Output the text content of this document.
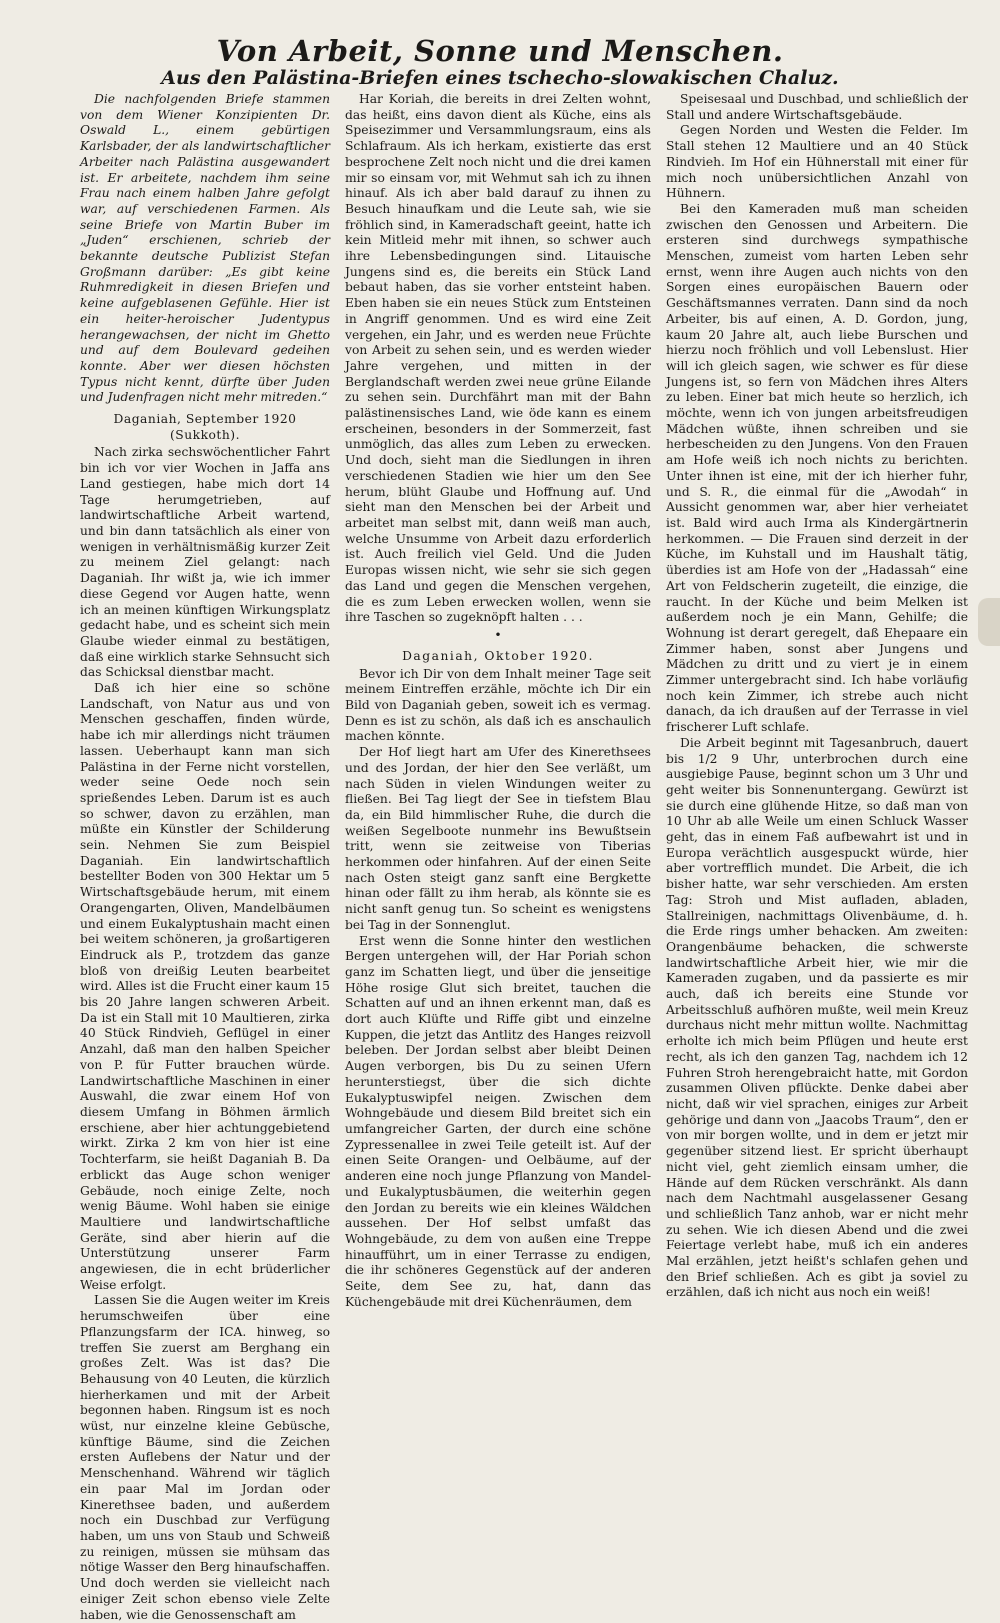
Von Arbeit, Sonne und Menschen.
Aus den Palästina-Briefen eines tschecho-slowakischen Chaluz.

Die nachfolgenden Briefe stammen von dem Wiener Konzipienten Dr. Oswald L., einem gebürtigen Karlsbader, der als landwirtschaftlicher Arbeiter nach Palästina ausgewandert ist. Er arbeitete, nachdem ihm seine Frau nach einem halben Jahre gefolgt war, auf verschiedenen Farmen. Als seine Briefe von Martin Buber im „Juden“ erschienen, schrieb der bekannte deutsche Publizist Stefan Großmann darüber: „Es gibt keine Ruhmredigkeit in diesen Briefen und keine aufgeblasenen Gefühle. Hier ist ein heiter-heroischer Judentypus herangewachsen, der nicht im Ghetto und auf dem Boulevard gedeihen konnte. Aber wer diesen höchsten Typus nicht kennt, dürfte über Juden und Judenfragen nicht mehr mitreden.“

Daganiah, September 1920 (Sukkoth).

Nach zirka sechswöchentlicher Fahrt bin ich vor vier Wochen in Jaffa ans Land gestiegen, habe mich dort 14 Tage herumgetrieben, auf landwirtschaftliche Arbeit wartend, und bin dann tatsächlich als einer von wenigen in verhältnismäßig kurzer Zeit zu meinem Ziel gelangt: nach Daganiah. Ihr wißt ja, wie ich immer diese Gegend vor Augen hatte, wenn ich an meinen künftigen Wirkungsplatz gedacht habe, und es scheint sich mein Glaube wieder einmal zu bestätigen, daß eine wirklich starke Sehnsucht sich das Schicksal dienstbar macht.

Daß ich hier eine so schöne Landschaft, von Natur aus und von Menschen geschaffen, finden würde, habe ich mir allerdings nicht träumen lassen. Ueberhaupt kann man sich Palästina in der Ferne nicht vorstellen, weder seine Oede noch sein sprießendes Leben. Darum ist es auch so schwer, davon zu erzählen, man müßte ein Künstler der Schilderung sein. Nehmen Sie zum Beispiel Daganiah. Ein landwirtschaftlich bestellter Boden von 300 Hektar um 5 Wirtschaftsgebäude herum, mit einem Orangengarten, Oliven, Mandelbäumen und einem Eukalyptushain macht einen bei weitem schöneren, ja großartigeren Eindruck als P., trotzdem das ganze bloß von dreißig Leuten bearbeitet wird. Alles ist die Frucht einer kaum 15 bis 20 Jahre langen schweren Arbeit. Da ist ein Stall mit 10 Maultieren, zirka 40 Stück Rindvieh, Geflügel in einer Anzahl, daß man den halben Speicher von P. für Futter brauchen würde. Landwirtschaftliche Maschinen in einer Auswahl, die zwar einem Hof von diesem Umfang in Böhmen ärmlich erschiene, aber hier achtunggebietend wirkt. Zirka 2 km von hier ist eine Tochterfarm, sie heißt Daganiah B. Da erblickt das Auge schon weniger Gebäude, noch einige Zelte, noch wenig Bäume. Wohl haben sie einige Maultiere und landwirtschaftliche Geräte, sind aber hierin auf die Unterstützung unserer Farm angewiesen, die in echt brüderlicher Weise erfolgt.

Lassen Sie die Augen weiter im Kreis herumschweifen über eine Pflanzungsfarm der ICA. hinweg, so treffen Sie zuerst am Berghang ein großes Zelt. Was ist das? Die Behausung von 40 Leuten, die kürzlich hierherkamen und mit der Arbeit begonnen haben. Ringsum ist es noch wüst, nur einzelne kleine Gebüsche, künftige Bäume, sind die Zeichen ersten Auflebens der Natur und der Menschenhand. Während wir täglich ein paar Mal im Jordan oder Kinerethsee baden, und außerdem noch ein Duschbad zur Verfügung haben, um uns von Staub und Schweiß zu reinigen, müssen sie mühsam das nötige Wasser den Berg hinaufschaffen. Und doch werden sie vielleicht nach einiger Zeit schon ebenso viele Zelte haben, wie die Genossenschaft am

Har Koriah, die bereits in drei Zelten wohnt, das heißt, eins davon dient als Küche, eins als Speisezimmer und Versammlungsraum, eins als Schlafraum. Als ich herkam, existierte das erst besprochene Zelt noch nicht und die drei kamen mir so einsam vor, mit Wehmut sah ich zu ihnen hinauf. Als ich aber bald darauf zu ihnen zu Besuch hinaufkam und die Leute sah, wie sie fröhlich sind, in Kameradschaft geeint, hatte ich kein Mitleid mehr mit ihnen, so schwer auch ihre Lebensbedingungen sind. Litauische Jungens sind es, die bereits ein Stück Land bebaut haben, das sie vorher entsteint haben. Eben haben sie ein neues Stück zum Entsteinen in Angriff genommen. Und es wird eine Zeit vergehen, ein Jahr, und es werden neue Früchte von Arbeit zu sehen sein, und es werden wieder Jahre vergehen, und mitten in der Berglandschaft werden zwei neue grüne Eilande zu sehen sein. Durchfährt man mit der Bahn palästinensisches Land, wie öde kann es einem erscheinen, besonders in der Sommerzeit, fast unmöglich, das alles zum Leben zu erwecken. Und doch, sieht man die Siedlungen in ihren verschiedenen Stadien wie hier um den See herum, blüht Glaube und Hoffnung auf. Und sieht man den Menschen bei der Arbeit und arbeitet man selbst mit, dann weiß man auch, welche Unsumme von Arbeit dazu erforderlich ist. Auch freilich viel Geld. Und die Juden Europas wissen nicht, wie sehr sie sich gegen das Land und gegen die Menschen vergehen, die es zum Leben erwecken wollen, wenn sie ihre Taschen so zugeknöpft halten . . .

•

Daganiah, Oktober 1920.

Bevor ich Dir von dem Inhalt meiner Tage seit meinem Eintreffen erzähle, möchte ich Dir ein Bild von Daganiah geben, soweit ich es vermag. Denn es ist zu schön, als daß ich es anschaulich machen könnte.

Der Hof liegt hart am Ufer des Kinerethsees und des Jordan, der hier den See verläßt, um nach Süden in vielen Windungen weiter zu fließen. Bei Tag liegt der See in tiefstem Blau da, ein Bild himmlischer Ruhe, die durch die weißen Segelboote nunmehr ins Bewußtsein tritt, wenn sie zeitweise von Tiberias herkommen oder hinfahren. Auf der einen Seite nach Osten steigt ganz sanft eine Bergkette hinan oder fällt zu ihm herab, als könnte sie es nicht sanft genug tun. So scheint es wenigstens bei Tag in der Sonnenglut.

Erst wenn die Sonne hinter den westlichen Bergen untergehen will, der Har Poriah schon ganz im Schatten liegt, und über die jenseitige Höhe rosige Glut sich breitet, tauchen die Schatten auf und an ihnen erkennt man, daß es dort auch Klüfte und Riffe gibt und einzelne Kuppen, die jetzt das Antlitz des Hanges reizvoll beleben. Der Jordan selbst aber bleibt Deinen Augen verborgen, bis Du zu seinen Ufern herunterstiegst, über die sich dichte Eukalyptuswipfel neigen. Zwischen dem Wohngebäude und diesem Bild breitet sich ein umfangreicher Garten, der durch eine schöne Zypressenallee in zwei Teile geteilt ist. Auf der einen Seite Orangen- und Oelbäume, auf der anderen eine noch junge Pflanzung von Mandel- und Eukalyptusbäumen, die weiterhin gegen den Jordan zu bereits wie ein kleines Wäldchen aussehen. Der Hof selbst umfaßt das Wohngebäude, zu dem von außen eine Treppe hinaufführt, um in einer Terrasse zu endigen, die ihr schöneres Gegenstück auf der anderen Seite, dem See zu, hat, dann das Küchengebäude mit drei Küchenräumen, dem

Speisesaal und Duschbad, und schließlich der Stall und andere Wirtschaftsgebäude.

Gegen Norden und Westen die Felder. Im Stall stehen 12 Maultiere und an 40 Stück Rindvieh. Im Hof ein Hühnerstall mit einer für mich noch unübersichtlichen Anzahl von Hühnern.

Bei den Kameraden muß man scheiden zwischen den Genossen und Arbeitern. Die ersteren sind durchwegs sympathische Menschen, zumeist vom harten Leben sehr ernst, wenn ihre Augen auch nichts von den Sorgen eines europäischen Bauern oder Geschäftsmannes verraten. Dann sind da noch Arbeiter, bis auf einen, A. D. Gordon, jung, kaum 20 Jahre alt, auch liebe Burschen und hierzu noch fröhlich und voll Lebenslust. Hier will ich gleich sagen, wie schwer es für diese Jungens ist, so fern von Mädchen ihres Alters zu leben. Einer bat mich heute so herzlich, ich möchte, wenn ich von jungen arbeitsfreudigen Mädchen wüßte, ihnen schreiben und sie herbescheiden zu den Jungens. Von den Frauen am Hofe weiß ich noch nichts zu berichten. Unter ihnen ist eine, mit der ich hierher fuhr, und S. R., die einmal für die „Awodah“ in Aussicht genommen war, aber hier verheiatet ist. Bald wird auch Irma als Kindergärtnerin herkommen. — Die Frauen sind derzeit in der Küche, im Kuhstall und im Haushalt tätig, überdies ist am Hofe von der „Hadassah“ eine Art von Feldscherin zugeteilt, die einzige, die raucht. In der Küche und beim Melken ist außerdem noch je ein Mann, Gehilfe; die Wohnung ist derart geregelt, daß Ehepaare ein Zimmer haben, sonst aber Jungens und Mädchen zu dritt und zu viert je in einem Zimmer untergebracht sind. Ich habe vorläufig noch kein Zimmer, ich strebe auch nicht danach, da ich draußen auf der Terrasse in viel frischerer Luft schlafe.

Die Arbeit beginnt mit Tagesanbruch, dauert bis 1/2 9 Uhr, unterbrochen durch eine ausgiebige Pause, beginnt schon um 3 Uhr und geht weiter bis Sonnenuntergang. Gewürzt ist sie durch eine glühende Hitze, so daß man von 10 Uhr ab alle Weile um einen Schluck Wasser geht, das in einem Faß aufbewahrt ist und in Europa verächtlich ausgespuckt würde, hier aber vortrefflich mundet. Die Arbeit, die ich bisher hatte, war sehr verschieden. Am ersten Tag: Stroh und Mist aufladen, abladen, Stallreinigen, nachmittags Olivenbäume, d. h. die Erde rings umher behacken. Am zweiten: Orangenbäume behacken, die schwerste landwirtschaftliche Arbeit hier, wie mir die Kameraden zugaben, und da passierte es mir auch, daß ich bereits eine Stunde vor Arbeitsschluß aufhören mußte, weil mein Kreuz durchaus nicht mehr mittun wollte. Nachmittag erholte ich mich beim Pflügen und heute erst recht, als ich den ganzen Tag, nachdem ich 12 Fuhren Stroh herengebraicht hatte, mit Gordon zusammen Oliven pflückte. Denke dabei aber nicht, daß wir viel sprachen, einiges zur Arbeit gehörige und dann von „Jaacobs Traum“, den er von mir borgen wollte, und in dem er jetzt mir gegenüber sitzend liest. Er spricht überhaupt nicht viel, geht ziemlich einsam umher, die Hände auf dem Rücken verschränkt. Als dann nach dem Nachtmahl ausgelassener Gesang und schließlich Tanz anhob, war er nicht mehr zu sehen. Wie ich diesen Abend und die zwei Feiertage verlebt habe, muß ich ein anderes Mal erzählen, jetzt heißt's schlafen gehen und den Brief schließen. Ach es gibt ja soviel zu erzählen, daß ich nicht aus noch ein weiß!
